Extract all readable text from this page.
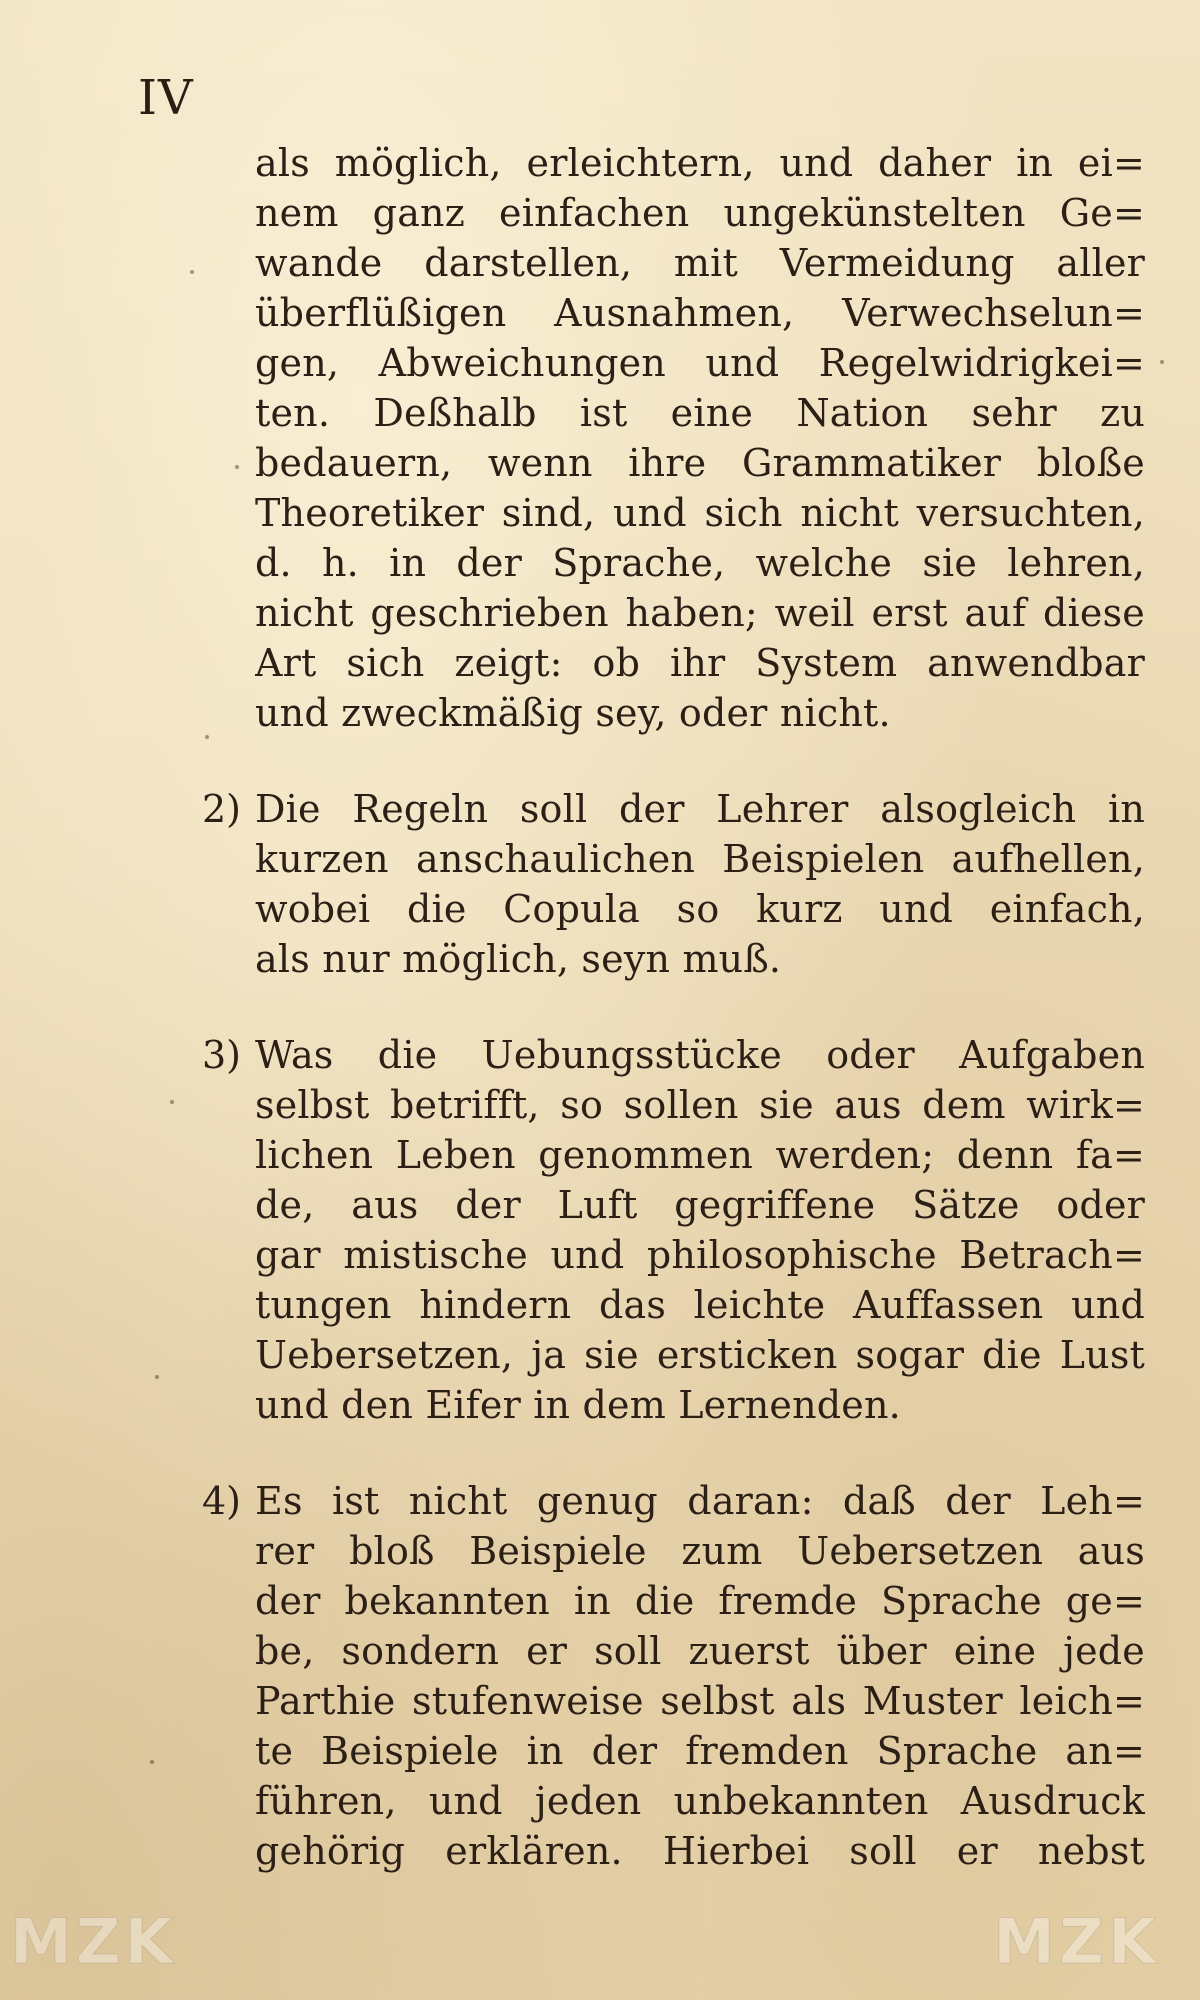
IV
als möglich, erleichtern, und daher in ei=
nem ganz einfachen ungekünstelten Ge=
wande darstellen, mit Vermeidung aller
überflüßigen Ausnahmen, Verwechselun=
gen, Abweichungen und Regelwidrigkei=
ten. Deßhalb ist eine Nation sehr zu
bedauern, wenn ihre Grammatiker bloße
Theoretiker sind, und sich nicht versuchten,
d. h. in der Sprache, welche sie lehren,
nicht geschrieben haben; weil erst auf diese
Art sich zeigt: ob ihr System anwendbar
und zweckmäßig sey, oder nicht.
2) Die Regeln soll der Lehrer alsogleich in
kurzen anschaulichen Beispielen aufhellen,
wobei die Copula so kurz und einfach,
als nur möglich, seyn muß.
3) Was die Uebungsstücke oder Aufgaben
selbst betrifft, so sollen sie aus dem wirk=
lichen Leben genommen werden; denn fa=
de, aus der Luft gegriffene Sätze oder
gar mistische und philosophische Betrach=
tungen hindern das leichte Auffassen und
Uebersetzen, ja sie ersticken sogar die Lust
und den Eifer in dem Lernenden.
4) Es ist nicht genug daran: daß der Leh=
rer bloß Beispiele zum Uebersetzen aus
der bekannten in die fremde Sprache ge=
be, sondern er soll zuerst über eine jede
Parthie stufenweise selbst als Muster leich=
te Beispiele in der fremden Sprache an=
führen, und jeden unbekannten Ausdruck
gehörig erklären. Hierbei soll er nebst
MZK	MZK
